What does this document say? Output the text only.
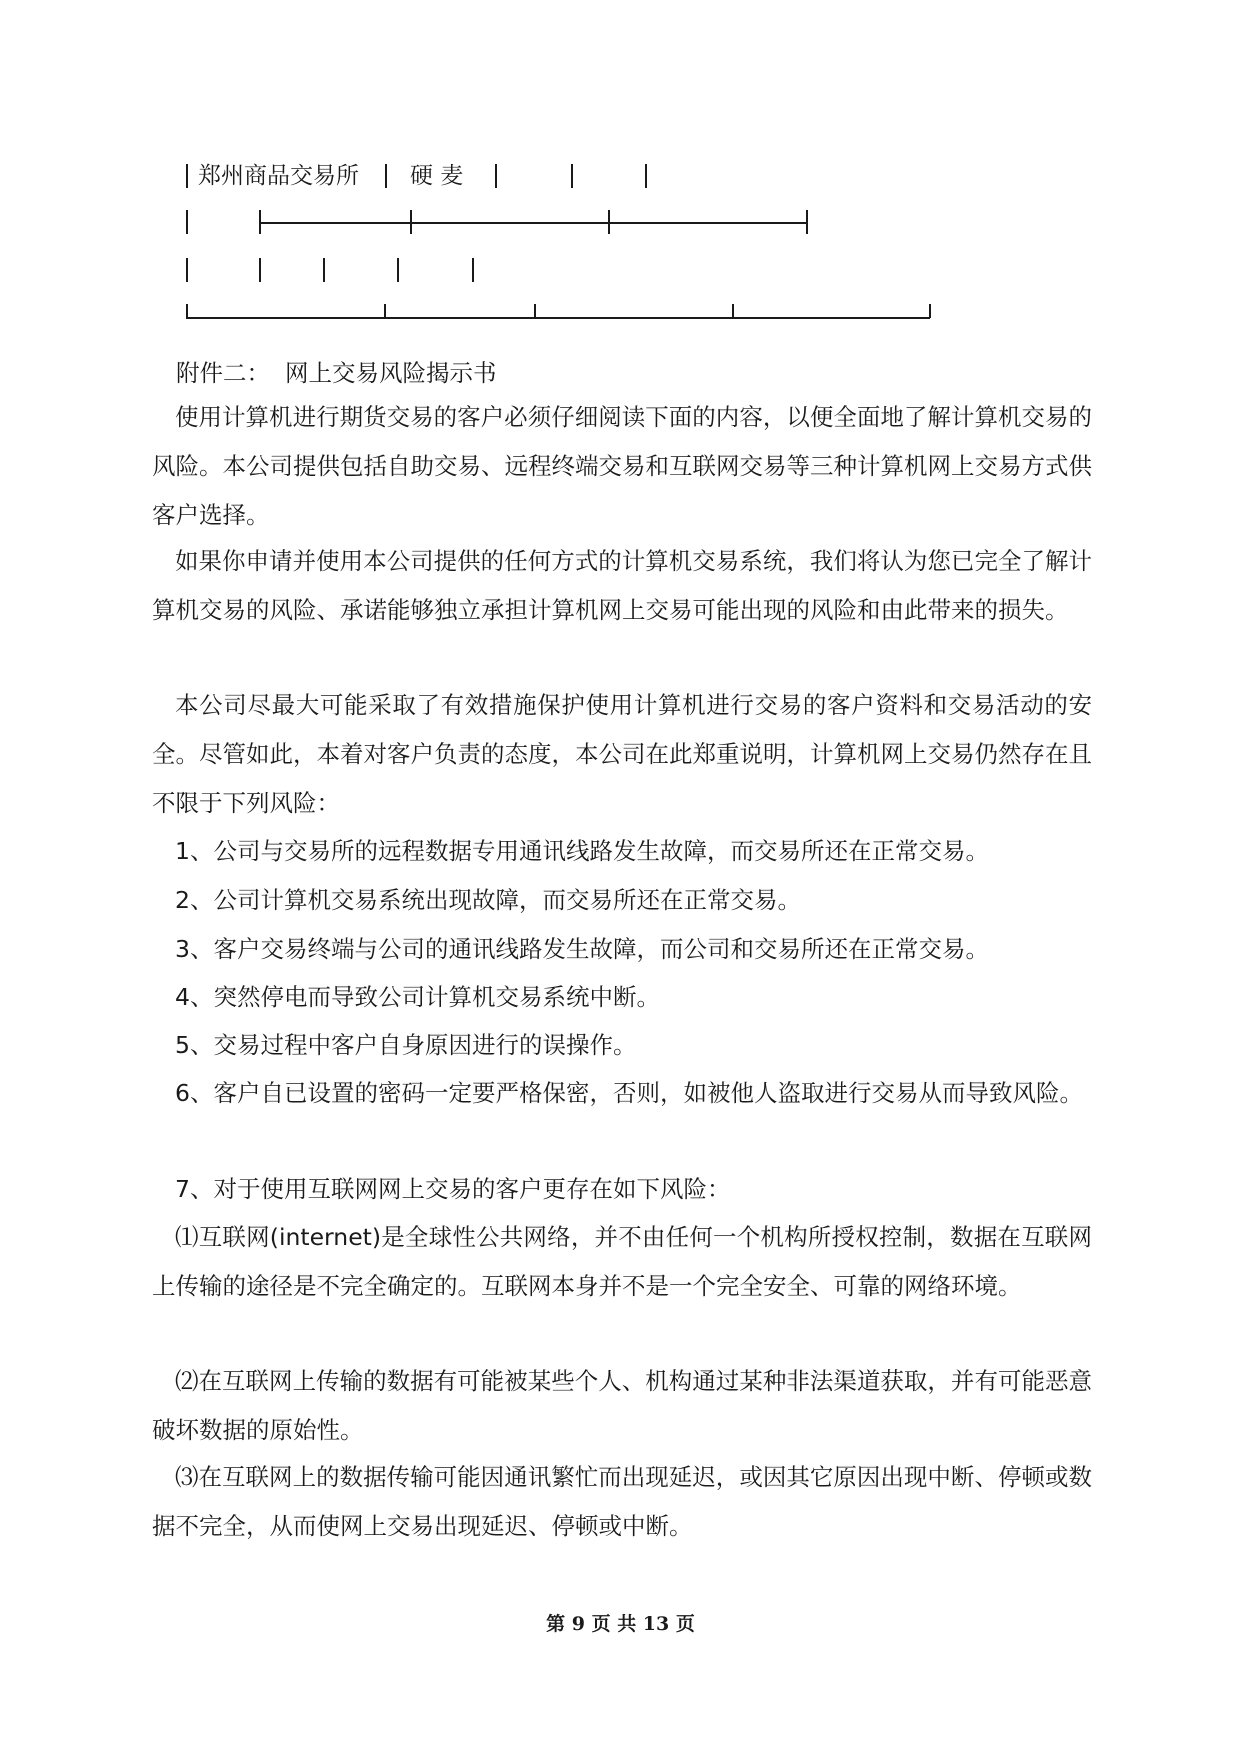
郑州商品交易所 硬 麦

附件二：  网上交易风险揭示书

使用计算机进行期货交易的客户必须仔细阅读下面的内容，以便全面地了解计算机交易的风险。本公司提供包括自助交易、远程终端交易和互联网交易等三种计算机网上交易方式供客户选择。

如果你申请并使用本公司提供的任何方式的计算机交易系统，我们将认为您已完全了解计算机交易的风险、承诺能够独立承担计算机网上交易可能出现的风险和由此带来的损失。

本公司尽最大可能采取了有效措施保护使用计算机进行交易的客户资料和交易活动的安全。尽管如此，本着对客户负责的态度，本公司在此郑重说明，计算机网上交易仍然存在且不限于下列风险：

1、公司与交易所的远程数据专用通讯线路发生故障，而交易所还在正常交易。

2、公司计算机交易系统出现故障，而交易所还在正常交易。

3、客户交易终端与公司的通讯线路发生故障，而公司和交易所还在正常交易。

4、突然停电而导致公司计算机交易系统中断。

5、交易过程中客户自身原因进行的误操作。

6、客户自已设置的密码一定要严格保密，否则，如被他人盗取进行交易从而导致风险。

7、对于使用互联网网上交易的客户更存在如下风险：

⑴互联网(internet)是全球性公共网络，并不由任何一个机构所授权控制，数据在互联网上传输的途径是不完全确定的。互联网本身并不是一个完全安全、可靠的网络环境。

⑵在互联网上传输的数据有可能被某些个人、机构通过某种非法渠道获取，并有可能恶意破坏数据的原始性。

⑶在互联网上的数据传输可能因通讯繁忙而出现延迟，或因其它原因出现中断、停顿或数据不完全，从而使网上交易出现延迟、停顿或中断。

第 9 页 共 13 页
